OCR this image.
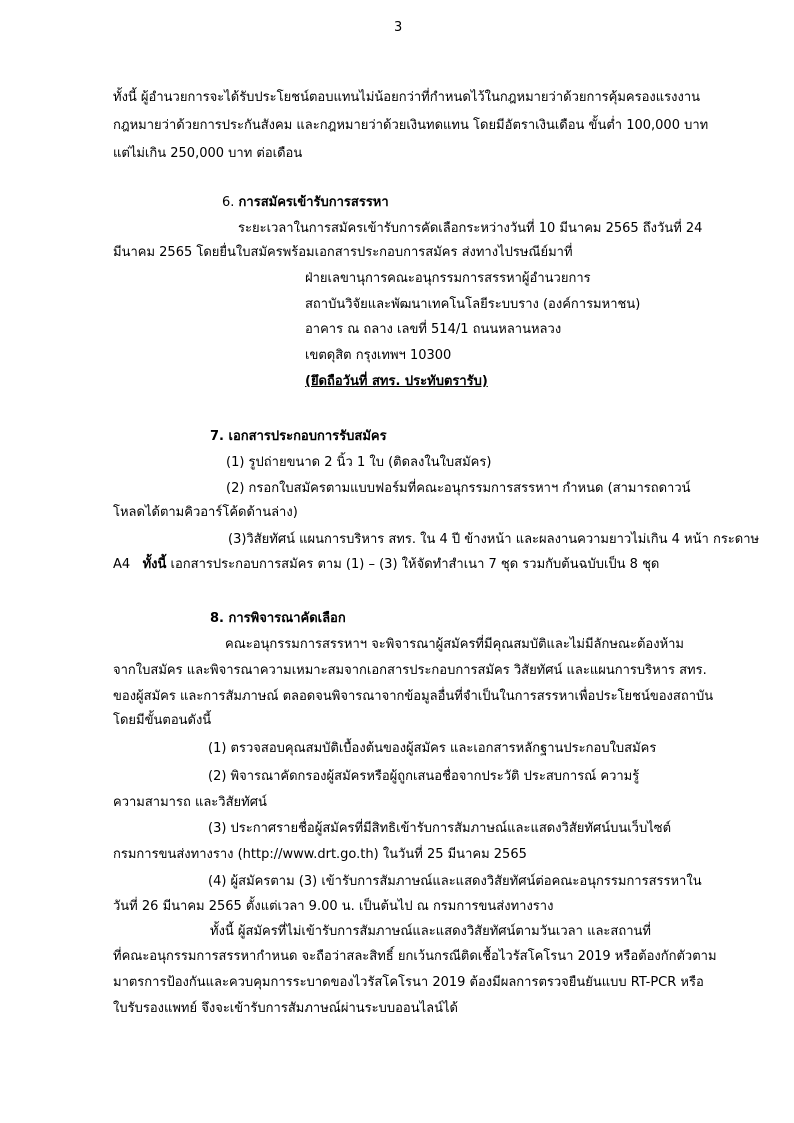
3
ทั้งนี้ ผู้อำนวยการจะได้รับประโยชน์ตอบแทนไม่น้อยกว่าที่กำหนดไว้ในกฎหมายว่าด้วยการคุ้มครองแรงงาน
กฎหมายว่าด้วยการประกันสังคม และกฎหมายว่าด้วยเงินทดแทน โดยมีอัตราเงินเดือน ขั้นต่ำ 100,000 บาท
แต่ไม่เกิน 250,000 บาท ต่อเดือน
6. การสมัครเข้ารับการสรรหา
ระยะเวลาในการสมัครเข้ารับการคัดเลือกระหว่างวันที่ 10 มีนาคม 2565 ถึงวันที่ 24
มีนาคม 2565 โดยยื่นใบสมัครพร้อมเอกสารประกอบการสมัคร ส่งทางไปรษณีย์มาที่
ฝ่ายเลขานุการคณะอนุกรรมการสรรหาผู้อำนวยการ
สถาบันวิจัยและพัฒนาเทคโนโลยีระบบราง (องค์การมหาชน)
อาคาร ณ ถลาง เลขที่ 514/1 ถนนหลานหลวง
เขตดุสิต กรุงเทพฯ 10300
(ยึดถือวันที่ สทร. ประทับตรารับ)
7. เอกสารประกอบการรับสมัคร
(1) รูปถ่ายขนาด 2 นิ้ว 1 ใบ (ติดลงในใบสมัคร)
(2) กรอกใบสมัครตามแบบฟอร์มที่คณะอนุกรรมการสรรหาฯ กำหนด (สามารถดาวน์
โหลดได้ตามคิวอาร์โค้ดด้านล่าง)
(3)วิสัยทัศน์ แผนการบริหาร สทร. ใน 4 ปี ข้างหน้า และผลงานความยาวไม่เกิน 4 หน้า กระดาษ
A4 ทั้งนี้ เอกสารประกอบการสมัคร ตาม (1) – (3) ให้จัดทำสำเนา 7 ชุด รวมกับต้นฉบับเป็น 8 ชุด
8. การพิจารณาคัดเลือก
คณะอนุกรรมการสรรหาฯ จะพิจารณาผู้สมัครที่มีคุณสมบัติและไม่มีลักษณะต้องห้าม
จากใบสมัคร และพิจารณาความเหมาะสมจากเอกสารประกอบการสมัคร วิสัยทัศน์ และแผนการบริหาร สทร.
ของผู้สมัคร และการสัมภาษณ์ ตลอดจนพิจารณาจากข้อมูลอื่นที่จำเป็นในการสรรหาเพื่อประโยชน์ของสถาบัน
โดยมีขั้นตอนดังนี้
(1) ตรวจสอบคุณสมบัติเบื้องต้นของผู้สมัคร และเอกสารหลักฐานประกอบใบสมัคร
(2) พิจารณาคัดกรองผู้สมัครหรือผู้ถูกเสนอชื่อจากประวัติ ประสบการณ์ ความรู้
ความสามารถ และวิสัยทัศน์
(3) ประกาศรายชื่อผู้สมัครที่มีสิทธิเข้ารับการสัมภาษณ์และแสดงวิสัยทัศน์บนเว็บไซต์
กรมการขนส่งทางราง (http://www.drt.go.th) ในวันที่ 25 มีนาคม 2565
(4) ผู้สมัครตาม (3) เข้ารับการสัมภาษณ์และแสดงวิสัยทัศน์ต่อคณะอนุกรรมการสรรหาใน
วันที่ 26 มีนาคม 2565 ตั้งแต่เวลา 9.00 น. เป็นต้นไป ณ กรมการขนส่งทางราง
ทั้งนี้ ผู้สมัครที่ไม่เข้ารับการสัมภาษณ์และแสดงวิสัยทัศน์ตามวันเวลา และสถานที่
ที่คณะอนุกรรมการสรรหากำหนด จะถือว่าสละสิทธิ์ ยกเว้นกรณีติดเชื้อไวรัสโคโรนา 2019 หรือต้องกักตัวตาม
มาตรการป้องกันและควบคุมการระบาดของไวรัสโคโรนา 2019 ต้องมีผลการตรวจยืนยันแบบ RT-PCR หรือ
ใบรับรองแพทย์ จึงจะเข้ารับการสัมภาษณ์ผ่านระบบออนไลน์ได้
